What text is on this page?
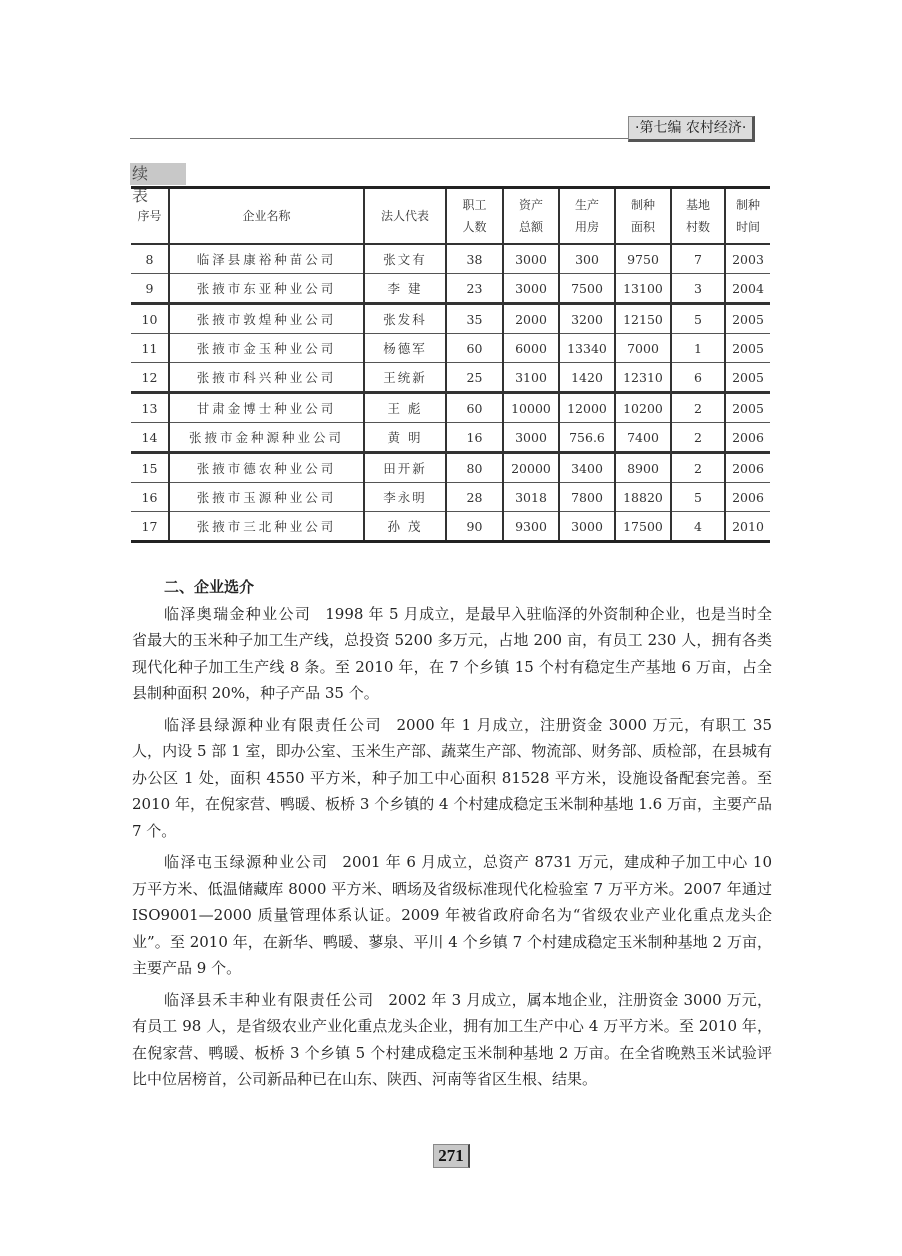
·第七编 农村经济·
续 表
序号	企业名称	法人代表	职工人数	资产总额	生产用房	制种面积	基地村数	制种时间
8	临泽县康裕种苗公司	张文有	38	3000	300	9750	7	2003
9	张掖市东亚种业公司	李 建	23	3000	7500	13100	3	2004
10	张掖市敦煌种业公司	张发科	35	2000	3200	12150	5	2005
11	张掖市金玉种业公司	杨德军	60	6000	13340	7000	1	2005
12	张掖市科兴种业公司	王统新	25	3100	1420	12310	6	2005
13	甘肃金博士种业公司	王 彪	60	10000	12000	10200	2	2005
14	张掖市金种源种业公司	黄 明	16	3000	756.6	7400	2	2006
15	张掖市德农种业公司	田开新	80	20000	3400	8900	2	2006
16	张掖市玉源种业公司	李永明	28	3018	7800	18820	5	2006
17	张掖市三北种业公司	孙 茂	90	9300	3000	17500	4	2010
二、企业选介

临泽奥瑞金种业公司 1998 年 5 月成立，是最早入驻临泽的外资制种企业，也是当时全省最大的玉米种子加工生产线，总投资 5200 多万元，占地 200 亩，有员工 230 人，拥有各类现代化种子加工生产线 8 条。至 2010 年，在 7 个乡镇 15 个村有稳定生产基地 6 万亩，占全县制种面积 20%，种子产品 35 个。

临泽县绿源种业有限责任公司 2000 年 1 月成立，注册资金 3000 万元，有职工 35 人，内设 5 部 1 室，即办公室、玉米生产部、蔬菜生产部、物流部、财务部、质检部，在县城有办公区 1 处，面积 4550 平方米，种子加工中心面积 81528 平方米，设施设备配套完善。至 2010 年，在倪家营、鸭暖、板桥 3 个乡镇的 4 个村建成稳定玉米制种基地 1.6 万亩，主要产品 7 个。

临泽屯玉绿源种业公司 2001 年 6 月成立，总资产 8731 万元，建成种子加工中心 10 万平方米、低温储藏库 8000 平方米、晒场及省级标准现代化检验室 7 万平方米。2007 年通过 ISO9001—2000 质量管理体系认证。2009 年被省政府命名为“省级农业产业化重点龙头企业”。至 2010 年，在新华、鸭暖、蓼泉、平川 4 个乡镇 7 个村建成稳定玉米制种基地 2 万亩，主要产品 9 个。

临泽县禾丰种业有限责任公司 2002 年 3 月成立，属本地企业，注册资金 3000 万元，有员工 98 人，是省级农业产业化重点龙头企业，拥有加工生产中心 4 万平方米。至 2010 年，在倪家营、鸭暖、板桥 3 个乡镇 5 个村建成稳定玉米制种基地 2 万亩。在全省晚熟玉米试验评比中位居榜首，公司新品种已在山东、陕西、河南等省区生根、结果。

271
